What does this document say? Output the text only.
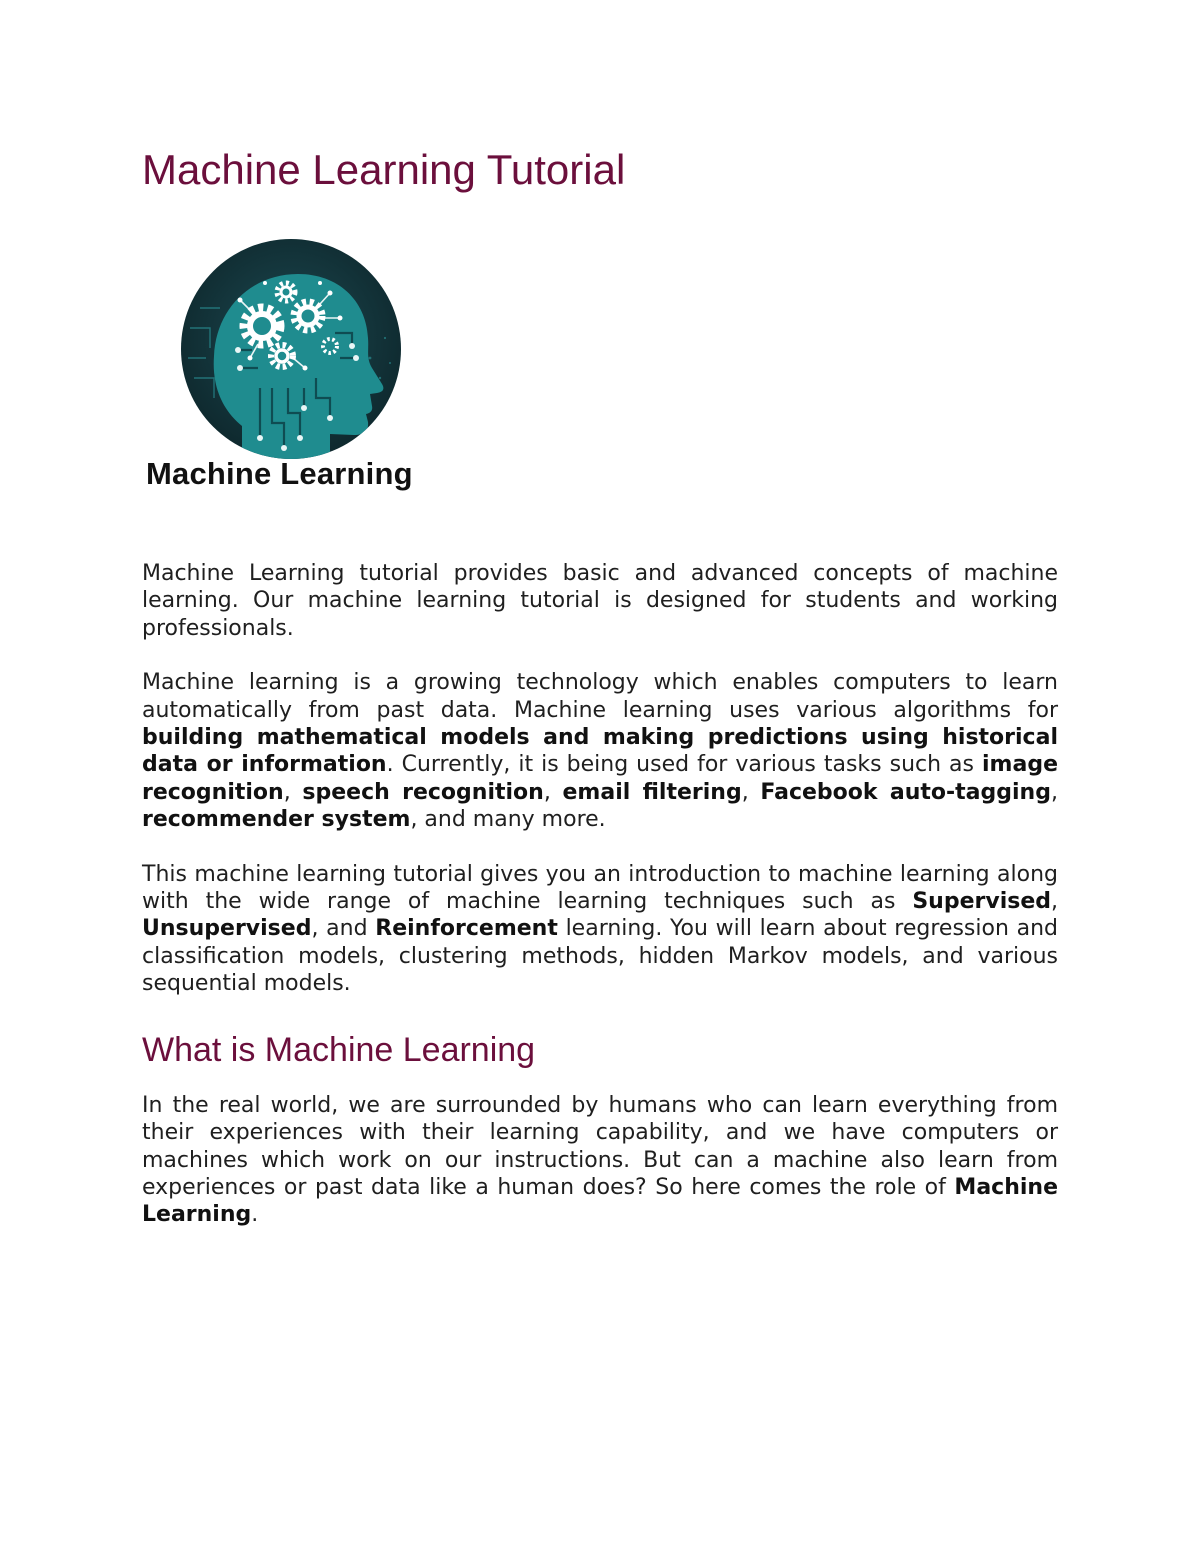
Machine Learning Tutorial
Machine Learning

Machine Learning tutorial provides basic and advanced concepts of machine learning. Our machine learning tutorial is designed for students and working professionals.

Machine learning is a growing technology which enables computers to learn automatically from past data. Machine learning uses various algorithms for building mathematical models and making predictions using historical data or information. Currently, it is being used for various tasks such as image recognition, speech recognition, email filtering, Facebook auto-tagging, recommender system, and many more.

This machine learning tutorial gives you an introduction to machine learning along with the wide range of machine learning techniques such as Supervised, Unsupervised, and Reinforcement learning. You will learn about regression and classification models, clustering methods, hidden Markov models, and various sequential models.

What is Machine Learning

In the real world, we are surrounded by humans who can learn everything from their experiences with their learning capability, and we have computers or machines which work on our instructions. But can a machine also learn from experiences or past data like a human does? So here comes the role of Machine Learning.
